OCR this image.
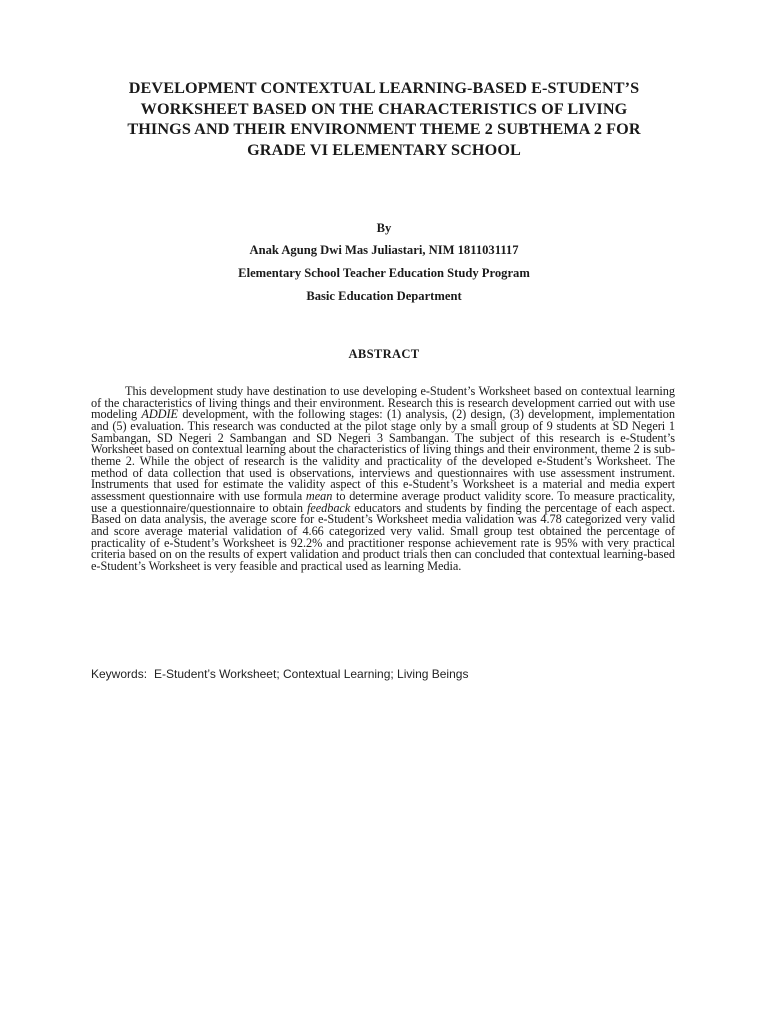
DEVELOPMENT CONTEXTUAL LEARNING-BASED E-STUDENT’S WORKSHEET BASED ON THE CHARACTERISTICS OF LIVING THINGS AND THEIR ENVIRONMENT THEME 2 SUBTHEMA 2 FOR GRADE VI ELEMENTARY SCHOOL

By

Anak Agung Dwi Mas Juliastari, NIM 1811031117

Elementary School Teacher Education Study Program

Basic Education Department

ABSTRACT

This development study have destination to use developing e-Student’s Worksheet based on contextual learning of the characteristics of living things and their environment. Research this is research development carried out with use modeling ADDIE development, with the following stages: (1) analysis, (2) design, (3) development, implementation and (5) evaluation. This research was conducted at the pilot stage only by a small group of 9 students at SD Negeri 1 Sambangan, SD Negeri 2 Sambangan and SD Negeri 3 Sambangan. The subject of this research is e-Student’s Worksheet based on contextual learning about the characteristics of living things and their environment, theme 2 is sub-theme 2. While the object of research is the validity and practicality of the developed e-Student’s Worksheet. The method of data collection that used is observations, interviews and questionnaires with use assessment instrument. Instruments that used for estimate the validity aspect of this e-Student’s Worksheet is a material and media expert assessment questionnaire with use formula mean to determine average product validity score. To measure practicality, use a questionnaire/questionnaire to obtain feedback educators and students by finding the percentage of each aspect. Based on data analysis, the average score for e-Student’s Worksheet media validation was 4.78 categorized very valid and score average material validation of 4.66 categorized very valid. Small group test obtained the percentage of practicality of e-Student’s Worksheet is 92.2% and practitioner response achievement rate is 95% with very practical criteria based on on the results of expert validation and product trials then can concluded that contextual learning-based e-Student’s Worksheet is very feasible and practical used as learning Media.

Keywords: E-Student’s Worksheet; Contextual Learning; Living Beings
